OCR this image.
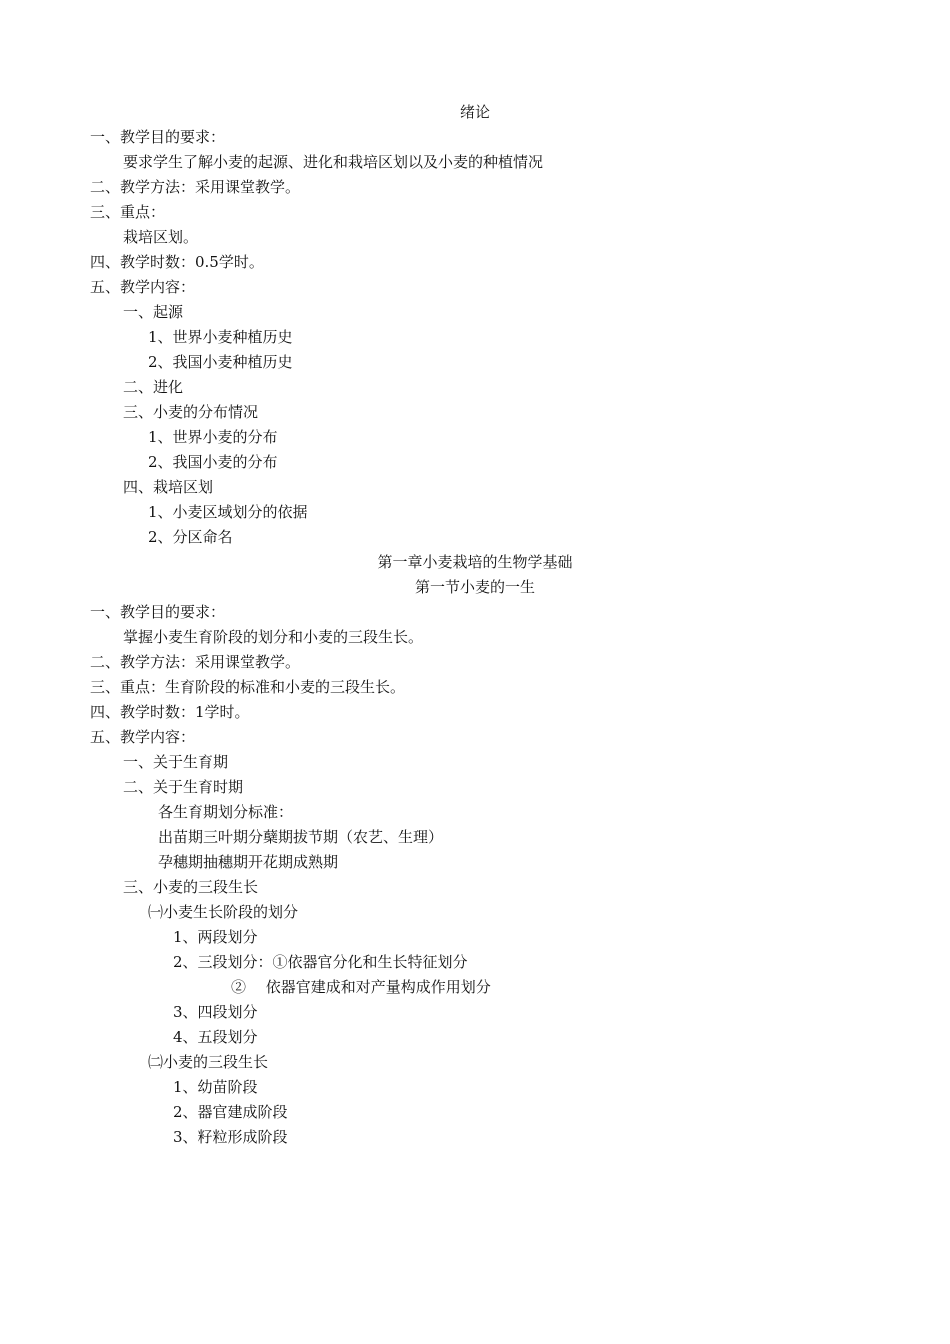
绪论
一、教学目的要求：
要求学生了解小麦的起源、进化和栽培区划以及小麦的种植情况
二、教学方法：采用课堂教学。
三、重点：
栽培区划。
四、教学时数：0.5学时。
五、教学内容：
一、起源
1、世界小麦种植历史
2、我国小麦种植历史
二、进化
三、小麦的分布情况
1、世界小麦的分布
2、我国小麦的分布
四、栽培区划
1、小麦区域划分的依据
2、分区命名
第一章小麦栽培的生物学基础
第一节小麦的一生
一、教学目的要求：
掌握小麦生育阶段的划分和小麦的三段生长。
二、教学方法：采用课堂教学。
三、重点：生育阶段的标准和小麦的三段生长。
四、教学时数：1学时。
五、教学内容：
一、关于生育期
二、关于生育时期
各生育期划分标准：
出苗期三叶期分蘖期拔节期（农艺、生理）
孕穗期抽穗期开花期成熟期
三、小麦的三段生长
㈠小麦生长阶段的划分
1、两段划分
2、三段划分：①依器官分化和生长特征划分
②　 依器官建成和对产量构成作用划分
3、四段划分
4、五段划分
㈡小麦的三段生长
1、幼苗阶段
2、器官建成阶段
3、籽粒形成阶段
